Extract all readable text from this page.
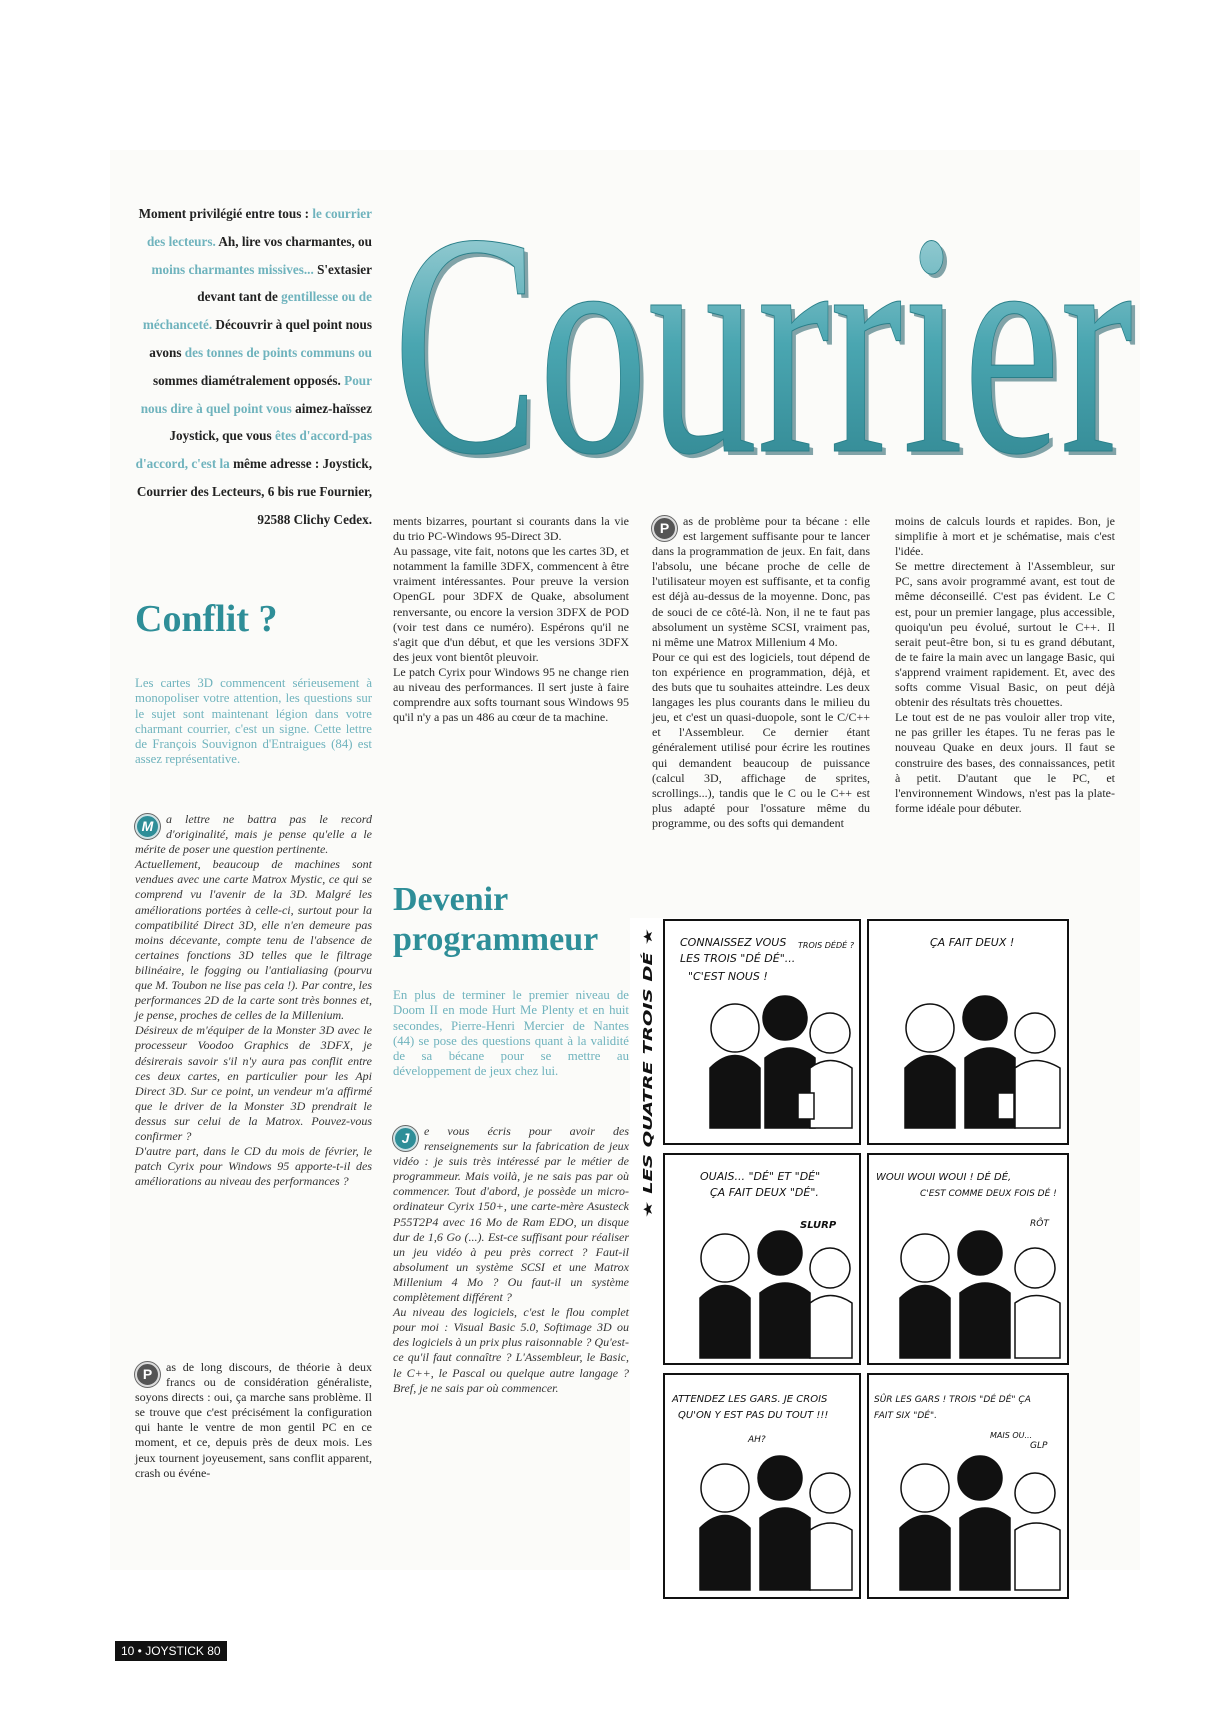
Moment privilégié entre tous : le courrier des lecteurs. Ah, lire vos charmantes, ou moins charmantes missives... S'extasier devant tant de gentillesse ou de méchanceté. Découvrir à quel point nous avons des tonnes de points communs ou sommes diamétralement opposés. Pour nous dire à quel point vous aimez-haïssez Joystick, que vous êtes d'accord-pas d'accord, c'est la même adresse : Joystick, Courrier des Lecteurs, 6 bis rue Fournier, 92588 Clichy Cedex. Courrier
Courrier
Conflit ?
Les cartes 3D commencent sérieusement à monopoliser votre attention, les questions sur le sujet sont maintenant légion dans votre charmant courrier, c'est un signe. Cette lettre de François Souvignon d'Entraigues (84) est assez représentative.
M	a lettre ne battra pas le record d'originalité, mais je pense qu'elle a le mérite de poser une question pertinente.

Actuellement, beaucoup de machines sont vendues avec une carte Matrox Mystic, ce qui se comprend vu l'avenir de la 3D. Malgré les améliorations portées à celle-ci, surtout pour la compatibilité Direct 3D, elle n'en demeure pas moins décevante, compte tenu de l'absence de certaines fonctions 3D telles que le filtrage bilinéaire, le fogging ou l'antialiasing (pourvu que M. Toubon ne lise pas cela !). Par contre, les performances 2D de la carte sont très bonnes et, je pense, proches de celles de la Millenium.

Désireux de m'équiper de la Monster 3D avec le processeur Voodoo Graphics de 3DFX, je désirerais savoir s'il n'y aura pas conflit entre ces deux cartes, en particulier pour les Api Direct 3D. Sur ce point, un vendeur m'a affirmé que le driver de la Monster 3D prendrait le dessus sur celui de la Matrox. Pouvez-vous confirmer ?

D'autre part, dans le CD du mois de février, le patch Cyrix pour Windows 95 apporte-t-il des améliorations au niveau des performances ?

P	as de long discours, de théorie à deux francs ou de considération généraliste, soyons directs : oui, ça marche sans problème. Il se trouve que c'est précisément la configuration qui hante le ventre de mon gentil PC en ce moment, et ce, depuis près de deux mois. Les jeux tournent joyeusement, sans conflit apparent, crash ou événe-

ments bizarres, pourtant si courants dans la vie du trio PC-Windows 95-Direct 3D.

Au passage, vite fait, notons que les cartes 3D, et notamment la famille 3DFX, commencent à être vraiment intéressantes. Pour preuve la version OpenGL pour 3DFX de Quake, absolument renversante, ou encore la version 3DFX de POD (voir test dans ce numéro). Espérons qu'il ne s'agit que d'un début, et que les versions 3DFX des jeux vont bientôt pleuvoir.

Le patch Cyrix pour Windows 95 ne change rien au niveau des performances. Il sert juste à faire comprendre aux softs tournant sous Windows 95 qu'il n'y a pas un 486 au cœur de ta machine.

Devenir
programmeur
En plus de terminer le premier niveau de Doom II en mode Hurt Me Plenty et en huit secondes, Pierre-Henri Mercier de Nantes (44) se pose des questions quant à la validité de sa bécane pour se mettre au développement de jeux chez lui.
J	e vous écris pour avoir des renseignements sur la fabrication de jeux vidéo : je suis très intéressé par le métier de programmeur. Mais voilà, je ne sais pas par où commencer. Tout d'abord, je possède un micro-ordinateur Cyrix 150+, une carte-mère Asusteck P55T2P4 avec 16 Mo de Ram EDO, un disque dur de 1,6 Go (...). Est-ce suffisant pour réaliser un jeu vidéo à peu près correct ? Faut-il absolument un système SCSI et une Matrox Millenium 4 Mo ? Ou faut-il un système complètement différent ?

Au niveau des logiciels, c'est le flou complet pour moi : Visual Basic 5.0, Softimage 3D ou des logiciels à un prix plus raisonnable ? Qu'est-ce qu'il faut connaître ? L'Assembleur, le Basic, le C++, le Pascal ou quelque autre langage ? Bref, je ne sais par où commencer.

P	as de problème pour ta bécane : elle est largement suffisante pour te lancer dans la programmation de jeux. En fait, dans l'absolu, une bécane proche de celle de l'utilisateur moyen est suffisante, et ta config est déjà au-dessus de la moyenne. Donc, pas de souci de ce côté-là. Non, il ne te faut pas absolument un système SCSI, vraiment pas, ni même une Matrox Millenium 4 Mo.

Pour ce qui est des logiciels, tout dépend de ton expérience en programmation, déjà, et des buts que tu souhaites atteindre. Les deux langages les plus courants dans le milieu du jeu, et c'est un quasi-duopole, sont le C/C++ et l'Assembleur. Ce dernier étant généralement utilisé pour écrire les routines qui demandent beaucoup de puissance (calcul 3D, affichage de sprites, scrollings...), tandis que le C ou le C++ est plus adapté pour l'ossature même du programme, ou des softs qui demandent

moins de calculs lourds et rapides. Bon, je simplifie à mort et je schématise, mais c'est l'idée.

Se mettre directement à l'Assembleur, sur PC, sans avoir programmé avant, est tout de même déconseillé. C'est pas évident. Le C est, pour un premier langage, plus accessible, quoiqu'un peu évolué, surtout le C++. Il serait peut-être bon, si tu es grand débutant, de te faire la main avec un langage Basic, qui s'apprend vraiment rapidement. Et, avec des softs comme Visual Basic, on peut déjà obtenir des résultats très chouettes.

Le tout est de ne pas vouloir aller trop vite, ne pas griller les étapes. Tu ne feras pas le nouveau Quake en deux jours. Il faut se construire des bases, des connaissances, petit à petit. D'autant que le PC, et l'environnement Windows, n'est pas la plate-forme idéale pour débuter.

★ LES QUATRE TROIS DÉ ★
CONNAISSEZ VOUS
LES TROIS "DÉ DÉ"...
"C'EST NOUS !
TROIS DÉDÉ ?	ÇA FAIT DEUX !
OUAIS... "DÉ" ET "DÉ"
ÇA FAIT DEUX "DÉ".
SLURP
WOUI WOUI WOUI ! DÉ DÉ,
C'EST COMME DEUX FOIS DÉ !
RÔT
ATTENDEZ LES GARS. JE CROIS
QU'ON Y EST PAS DU TOUT !!!
AH?
SÛR LES GARS ! TROIS "DÉ DÉ" ÇA
FAIT SIX "DÉ".
MAIS OU...
GLP
10 • JOYSTICK 80
